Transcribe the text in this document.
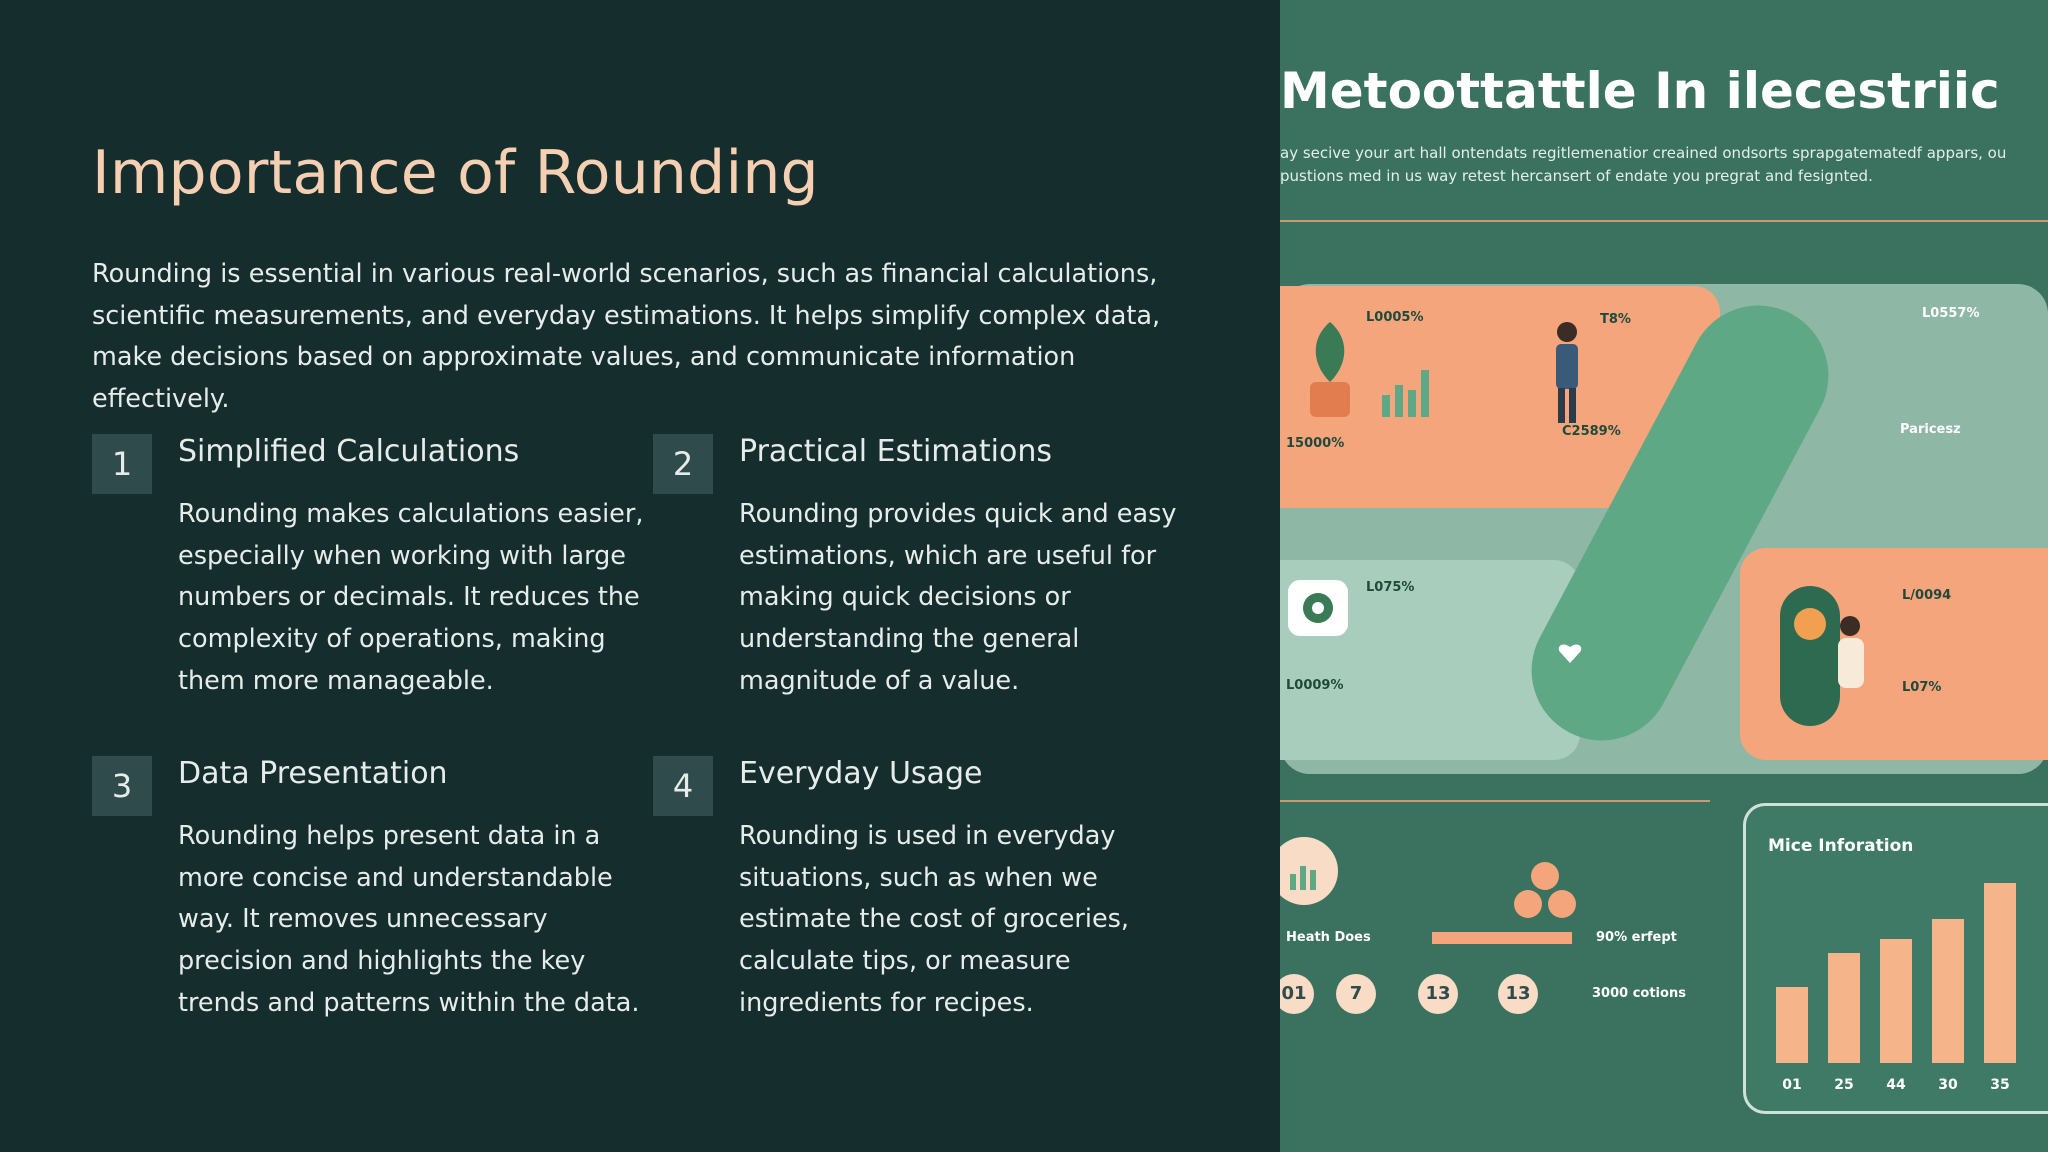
Importance of Rounding

Rounding is essential in various real-world scenarios, such as financial calculations, scientific measurements, and everyday estimations. It helps simplify complex data, make decisions based on approximate values, and communicate information effectively.

1	Simplified Calculations

Rounding makes calculations easier, especially when working with large numbers or decimals. It reduces the complexity of operations, making them more manageable.

2	Practical Estimations

Rounding provides quick and easy estimations, which are useful for making quick decisions or understanding the general magnitude of a value.

3	Data Presentation

Rounding helps present data in a more concise and understandable way. It removes unnecessary precision and highlights the key trends and patterns within the data.

4	Everyday Usage

Rounding is used in everyday situations, such as when we estimate the cost of groceries, calculate tips, or measure ingredients for recipes.

Metoottattle In ilecestriic

ay secive your art hall ontendats regitlemenatior creained ondsorts sprapgatematedf appars, ou pustions med in us way retest hercansert of endate you pregrat and fesignted.

L0005%	T8%

15000%

C2589%

L0557%

Paricesz

L075%

L0009%

L/0094

L07%

Heath Does	90% erfept

01	7	13	13	3000 cotions

Mice Inforation

01	25	44	30	35
